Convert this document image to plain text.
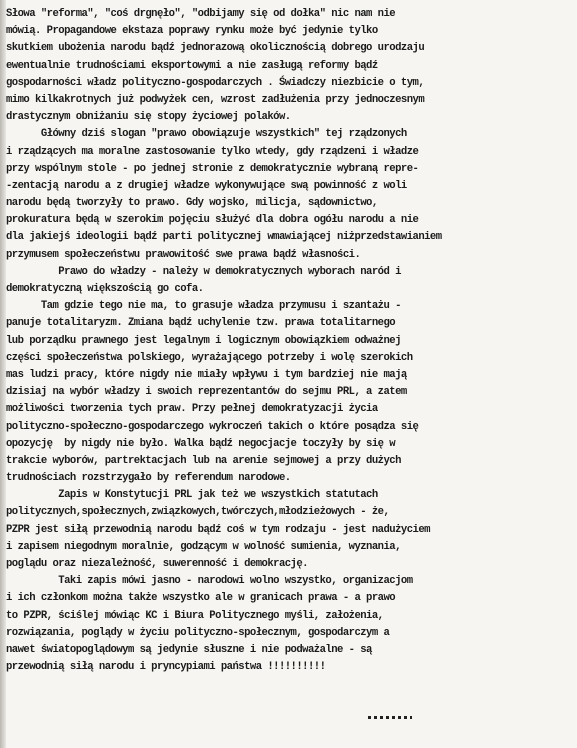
Słowa "reforma", "coś drgnęło", "odbijamy się od dołka" nic nam nie
mówią. Propagandowe ekstaza poprawy rynku może być jedynie tylko
skutkiem ubożenia narodu bądź jednorazową okolicznością dobrego urodzaju
ewentualnie trudnościami eksportowymi a nie zasługą reformy bądź
gospodarności władz polityczno-gospodarczych . Świadczy niezbicie o tym,
mimo kilkakrotnych już podwyżek cen, wzrost zadłużenia przy jednoczesnym
drastycznym obniżaniu się stopy życiowej polaków.
Główny dziś slogan "prawo obowiązuje wszystkich" tej rządzonych
i rządzących ma moralne zastosowanie tylko wtedy, gdy rządzeni i władze
przy wspólnym stole - po jednej stronie z demokratycznie wybraną repre-
-zentacją narodu a z drugiej władze wykonywujące swą powinność z woli
narodu będą tworzyły to prawo. Gdy wojsko, milicja, sądownictwo,
prokuratura będą w szerokim pojęciu służyć dla dobra ogółu narodu a nie
dla jakiejś ideologii bądź parti politycznej wmawiającej niżprzedstawianiem
przymusem społeczeństwu prawowitość swe prawa bądź własności.
Prawo do władzy - należy w demokratycznych wyborach naród i
demokratyczną większością go cofa.
Tam gdzie tego nie ma, to grasuje władza przymusu i szantażu -
panuje totalitaryzm. Zmiana bądź uchylenie tzw. prawa totalitarnego
lub porządku prawnego jest legalnym i logicznym obowiązkiem odważnej
części społeczeństwa polskiego, wyrażającego potrzeby i wolę szerokich
mas ludzi pracy, które nigdy nie miały wpływu i tym bardziej nie mają
dzisiaj na wybór władzy i swoich reprezentantów do sejmu PRL, a zatem
możliwości tworzenia tych praw. Przy pełnej demokratyzacji życia
polityczno-społeczno-gospodarczego wykroczeń takich o które posądza się
opozycję  by nigdy nie było. Walka bądź negocjacje toczyły by się w
trakcie wyborów, partrektacjach lub na arenie sejmowej a przy dużych
trudnościach rozstrzygało by referendum narodowe.
Zapis w Konstytucji PRL jak też we wszystkich statutach
politycznych,społecznych,związkowych,twórczych,młodzieżowych - że,
PZPR jest siłą przewodnią narodu bądź coś w tym rodzaju - jest nadużyciem
i zapisem niegodnym moralnie, godzącym w wolność sumienia, wyznania,
poglądu oraz niezależność, suwerenność i demokrację.
Taki zapis mówi jasno - narodowi wolno wszystko, organizacjom
i ich członkom można także wszystko ale w granicach prawa - a prawo
to PZPR, ściślej mówiąc KC i Biura Politycznego myśli, założenia,
rozwiązania, poglądy w życiu polityczno-społecznym, gospodarczym a
nawet światopoglądowym są jedynie słuszne i nie podważalne - są
przewodnią siłą narodu i pryncypiami państwa !!!!!!!!!!
